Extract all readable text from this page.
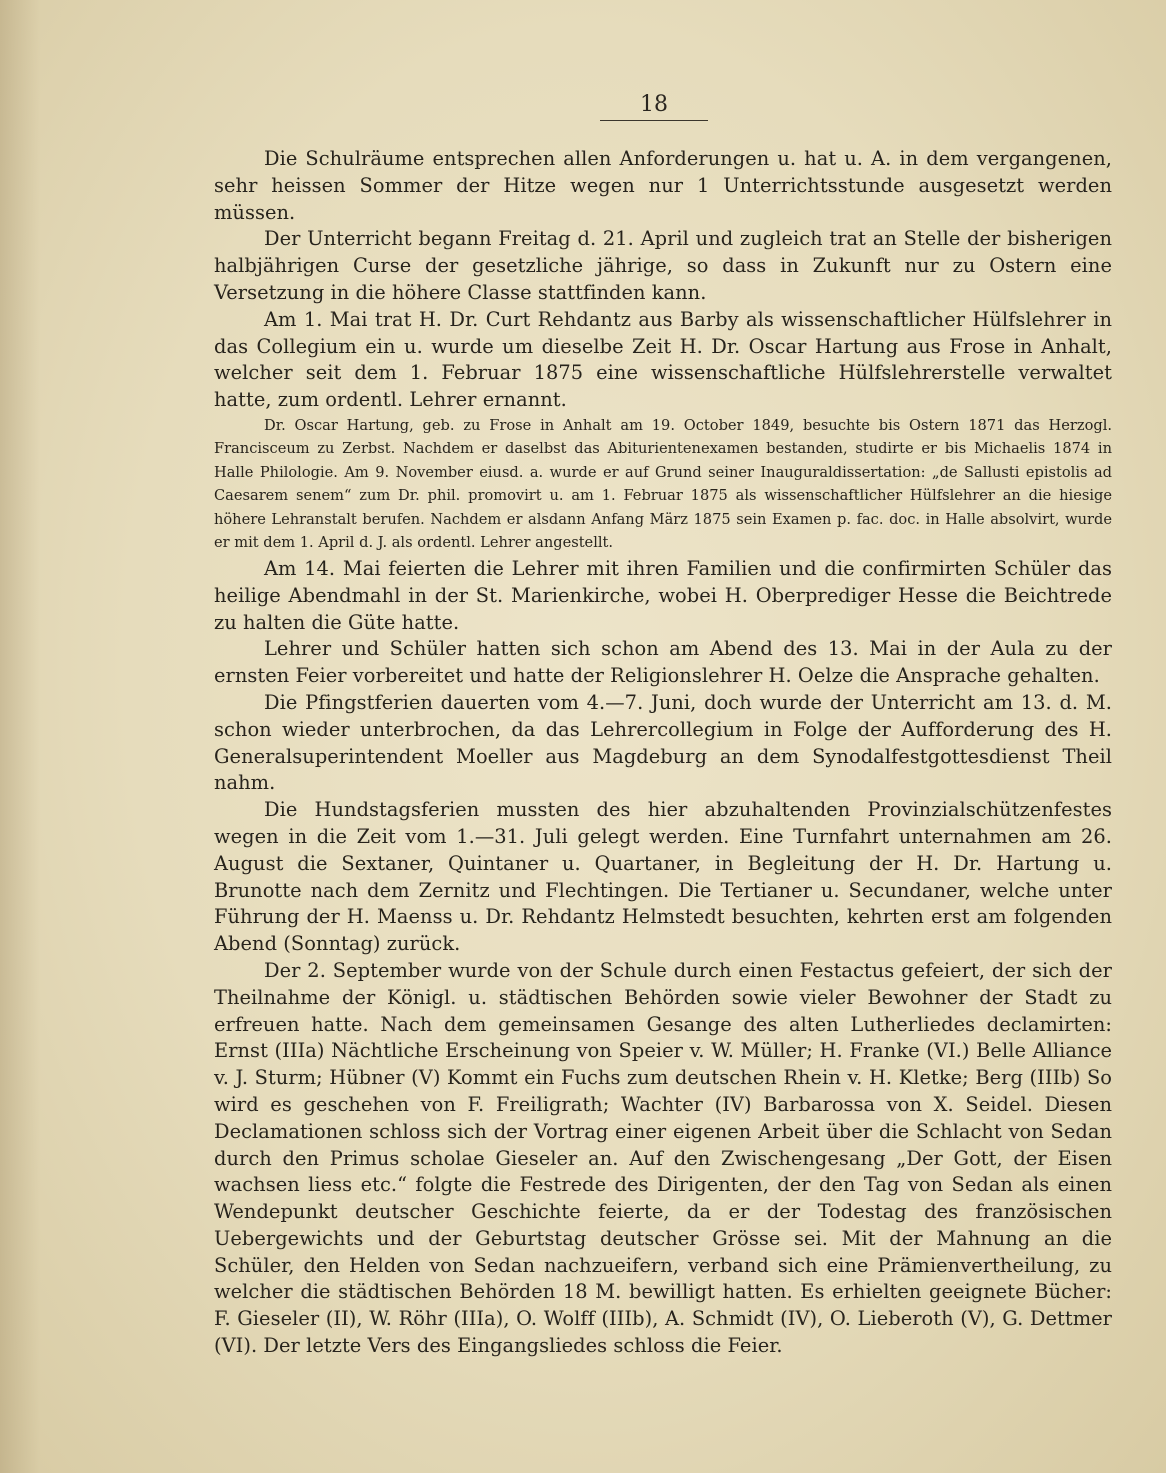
18

Die Schulräume entsprechen allen Anforderungen u. hat u. A. in dem vergangenen, sehr heissen Sommer der Hitze wegen nur 1 Unterrichtsstunde ausgesetzt werden müssen.

Der Unterricht begann Freitag d. 21. April und zugleich trat an Stelle der bisherigen halbjährigen Curse der gesetzliche jährige, so dass in Zukunft nur zu Ostern eine Versetzung in die höhere Classe stattfinden kann.

Am 1. Mai trat H. Dr. Curt Rehdantz aus Barby als wissenschaftlicher Hülfslehrer in das Collegium ein u. wurde um dieselbe Zeit H. Dr. Oscar Hartung aus Frose in Anhalt, welcher seit dem 1. Februar 1875 eine wissenschaftliche Hülfslehrerstelle verwaltet hatte, zum ordentl. Lehrer ernannt.

Dr. Oscar Hartung, geb. zu Frose in Anhalt am 19. October 1849, besuchte bis Ostern 1871 das Herzogl. Francisceum zu Zerbst. Nachdem er daselbst das Abiturientenexamen bestanden, studirte er bis Michaelis 1874 in Halle Philologie. Am 9. November eiusd. a. wurde er auf Grund seiner Inauguraldissertation: „de Sallusti epistolis ad Caesarem senem“ zum Dr. phil. promovirt u. am 1. Februar 1875 als wissenschaftlicher Hülfslehrer an die hiesige höhere Lehranstalt berufen. Nachdem er alsdann Anfang März 1875 sein Examen p. fac. doc. in Halle absolvirt, wurde er mit dem 1. April d. J. als ordentl. Lehrer angestellt.

Am 14. Mai feierten die Lehrer mit ihren Familien und die confirmirten Schüler das heilige Abendmahl in der St. Marienkirche, wobei H. Oberprediger Hesse die Beichtrede zu halten die Güte hatte.

Lehrer und Schüler hatten sich schon am Abend des 13. Mai in der Aula zu der ernsten Feier vorbereitet und hatte der Religionslehrer H. Oelze die Ansprache gehalten.

Die Pfingstferien dauerten vom 4.—7. Juni, doch wurde der Unterricht am 13. d. M. schon wieder unterbrochen, da das Lehrercollegium in Folge der Aufforderung des H. Generalsuperintendent Moeller aus Magdeburg an dem Synodalfestgottesdienst Theil nahm.

Die Hundstagsferien mussten des hier abzuhaltenden Provinzialschützenfestes wegen in die Zeit vom 1.—31. Juli gelegt werden. Eine Turnfahrt unternahmen am 26. August die Sextaner, Quintaner u. Quartaner, in Begleitung der H. Dr. Hartung u. Brunotte nach dem Zernitz und Flechtingen. Die Tertianer u. Secundaner, welche unter Führung der H. Maenss u. Dr. Rehdantz Helmstedt besuchten, kehrten erst am folgenden Abend (Sonntag) zurück.

Der 2. September wurde von der Schule durch einen Festactus gefeiert, der sich der Theilnahme der Königl. u. städtischen Behörden sowie vieler Bewohner der Stadt zu erfreuen hatte. Nach dem gemeinsamen Gesange des alten Lutherliedes declamirten: Ernst (IIIa) Nächtliche Erscheinung von Speier v. W. Müller; H. Franke (VI.) Belle Alliance v. J. Sturm; Hübner (V) Kommt ein Fuchs zum deutschen Rhein v. H. Kletke; Berg (IIIb) So wird es geschehen von F. Freiligrath; Wachter (IV) Barbarossa von X. Seidel. Diesen Declamationen schloss sich der Vortrag einer eigenen Arbeit über die Schlacht von Sedan durch den Primus scholae Gieseler an. Auf den Zwischengesang „Der Gott, der Eisen wachsen liess etc.“ folgte die Festrede des Dirigenten, der den Tag von Sedan als einen Wendepunkt deutscher Geschichte feierte, da er der Todestag des französischen Uebergewichts und der Geburtstag deutscher Grösse sei. Mit der Mahnung an die Schüler, den Helden von Sedan nachzueifern, verband sich eine Prämienvertheilung, zu welcher die städtischen Behörden 18 M. bewilligt hatten. Es erhielten geeignete Bücher: F. Gieseler (II), W. Röhr (IIIa), O. Wolff (IIIb), A. Schmidt (IV), O. Lieberoth (V), G. Dettmer (VI). Der letzte Vers des Eingangsliedes schloss die Feier.
